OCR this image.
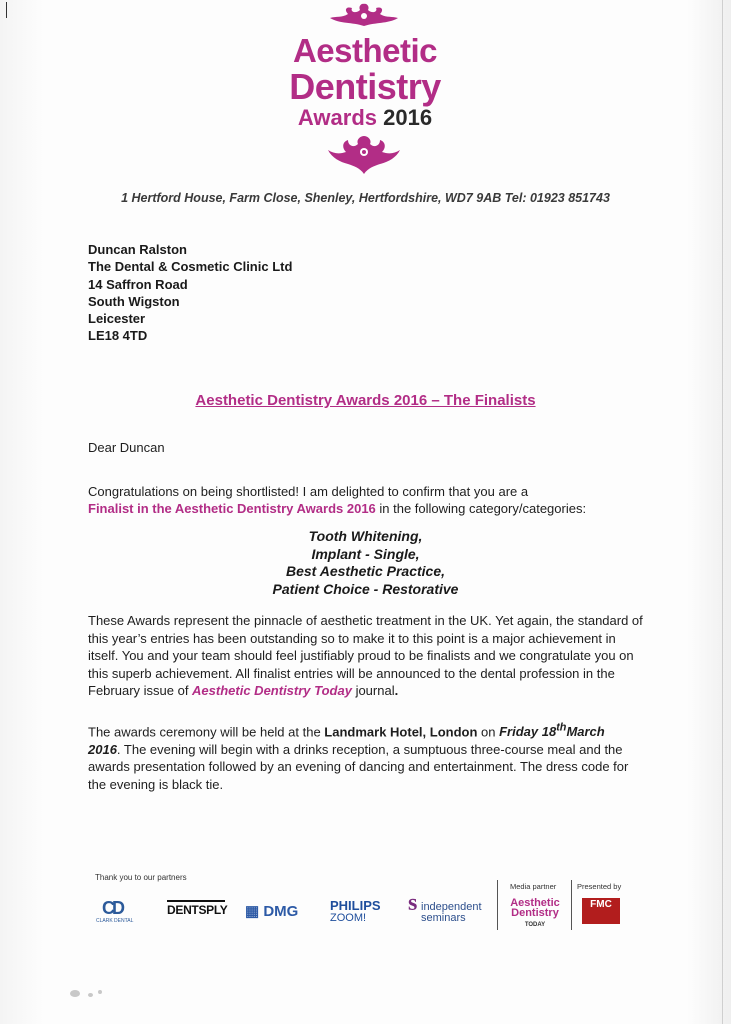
Aesthetic
Dentistry
Awards 2016
1 Hertford House, Farm Close, Shenley, Hertfordshire, WD7 9AB Tel: 01923 851743
Duncan Ralston
The Dental & Cosmetic Clinic Ltd
14 Saffron Road
South Wigston
Leicester
LE18 4TD
Aesthetic Dentistry Awards 2016 – The Finalists
Dear Duncan
Congratulations on being shortlisted! I am delighted to confirm that you are a
Finalist in the Aesthetic Dentistry Awards 2016 in the following category/categories:
Tooth Whitening,
Implant - Single,
Best Aesthetic Practice,
Patient Choice - Restorative
These Awards represent the pinnacle of aesthetic treatment in the UK. Yet again, the standard of this year’s entries has been outstanding so to make it to this point is a major achievement in itself. You and your team should feel justifiably proud to be finalists and we congratulate you on this superb achievement. All finalist entries will be announced to the dental profession in the February issue of Aesthetic Dentistry Today journal.
The awards ceremony will be held at the Landmark Hotel, London on Friday 18thMarch
2016. The evening will begin with a drinks reception, a sumptuous three-course meal and the awards presentation followed by an evening of dancing and entertainment. The dress code for the evening is black tie.
Thank you to our partners
CD
CLARK DENTAL
DENTSPLY ▦ DMG PHILIPS
ZOOM!
s independent
seminars
Media partner	Presented by
Aesthetic
Dentistry
TODAY
FMC
